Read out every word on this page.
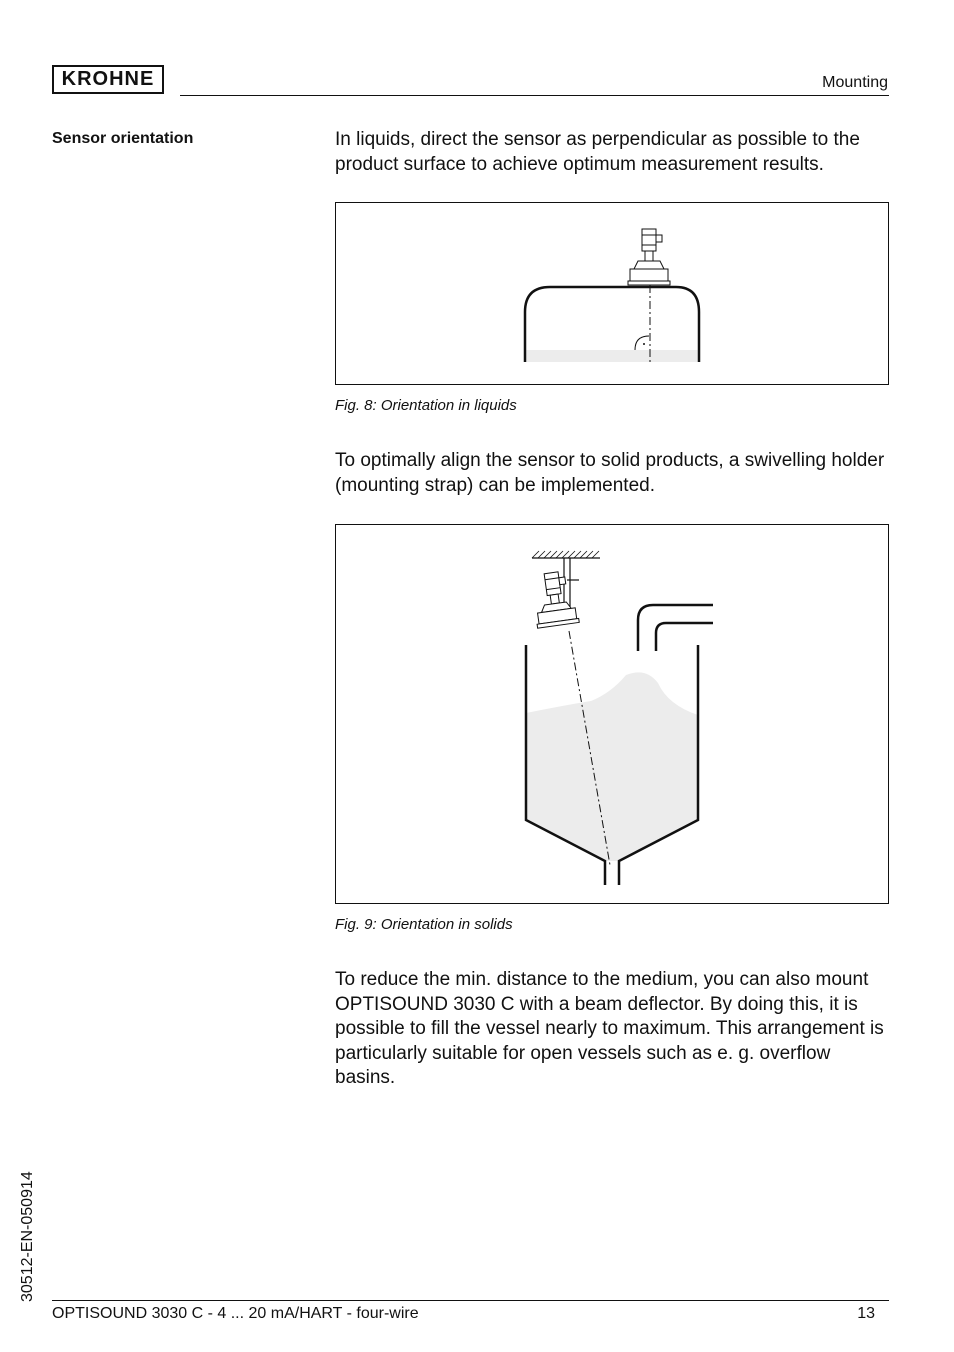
KROHNE	Mounting
Sensor orientation	In liquids, direct the sensor as perpendicular as possible to the product surface to achieve optimum measurement results.

Fig. 8: Orientation in liquids

To optimally align the sensor to solid products, a swivelling holder (mounting strap) can be implemented.

Fig. 9: Orientation in solids

To reduce the min. distance to the medium, you can also mount OPTISOUND 3030 C with a beam deflector. By doing this, it is possible to fill the vessel nearly to maximum. This arrangement is particularly suitable for open vessels such as e. g. overflow basins.

30512-EN-050914
OPTISOUND 3030 C - 4 ... 20 mA/HART - four-wire	13
